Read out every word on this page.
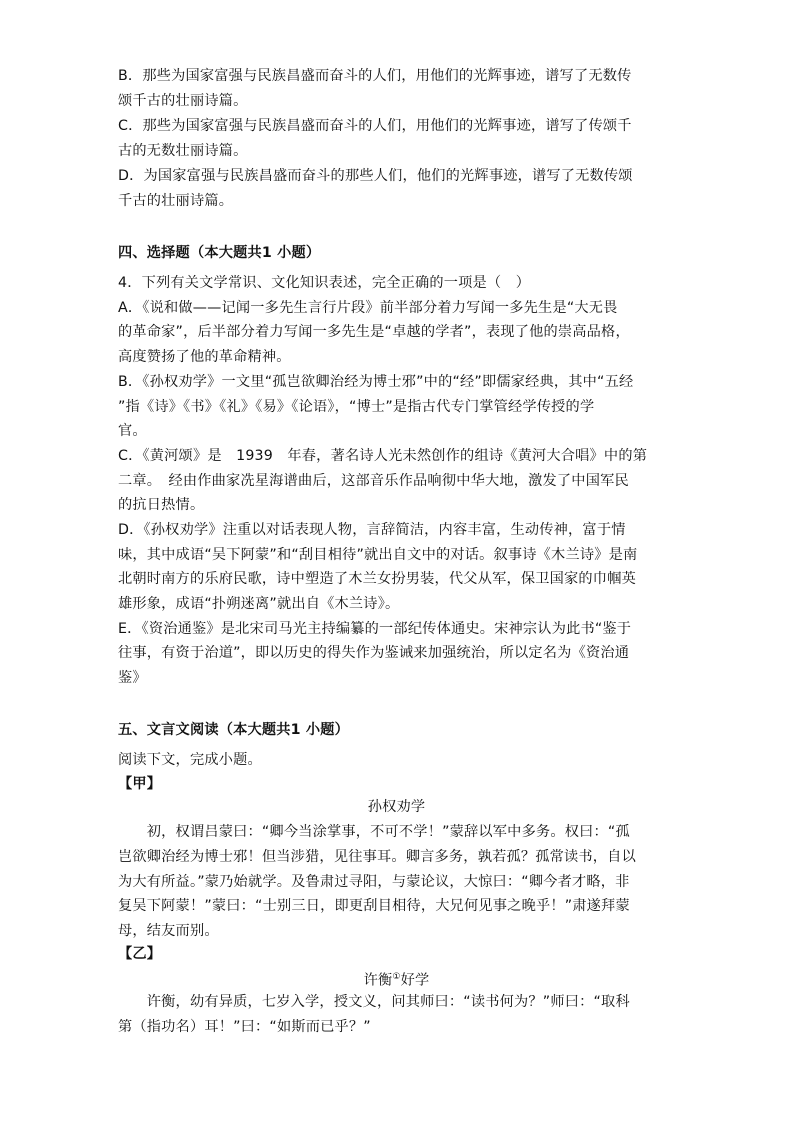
B．那些为国家富强与民族昌盛而奋斗的人们，用他们的光辉事迹，谱写了无数传
颂千古的壮丽诗篇。
C．那些为国家富强与民族昌盛而奋斗的人们，用他们的光辉事迹，谱写了传颂千
古的无数壮丽诗篇。
D．为国家富强与民族昌盛而奋斗的那些人们，他们的光辉事迹，谱写了无数传颂
千古的壮丽诗篇。
四、选择题（本大题共1 小题）
4．下列有关文学常识、文化知识表述，完全正确的一项是（　）
A．《说和做——记闻一多先生言行片段》前半部分着力写闻一多先生是“大无畏
的革命家”，后半部分着力写闻一多先生是“卓越的学者”，表现了他的崇高品格，
高度赞扬了他的革命精神。
B．《孙权劝学》一文里“孤岂欲卿治经为博士邪”中的“经”即儒家经典，其中“五经
”指《诗》《书》《礼》《易》《论语》，“博士”是指古代专门掌管经学传授的学
官。
C．《黄河颂》是　1939　年春，著名诗人光未然创作的组诗《黄河大合唱》中的第
二章。　经由作曲家冼星海谱曲后，这部音乐作品响彻中华大地，激发了中国军民
的抗日热情。
D．《孙权劝学》注重以对话表现人物，言辞简洁，内容丰富，生动传神，富于情
味，其中成语“吴下阿蒙”和“刮目相待”就出自文中的对话。叙事诗《木兰诗》是南
北朝时南方的乐府民歌，诗中塑造了木兰女扮男装，代父从军，保卫国家的巾帼英
雄形象，成语“扑朔迷离”就出自《木兰诗》。
E．《资治通鉴》是北宋司马光主持编纂的一部纪传体通史。宋神宗认为此书“鉴于
往事，有资于治道”，即以历史的得失作为鉴诫来加强统治，所以定名为《资治通
鉴》
五、文言文阅读（本大题共1 小题）
阅读下文，完成小题。
【甲】
孙权劝学
　　初，权谓吕蒙曰：“卿今当涂掌事，不可不学！”蒙辞以军中多务。权曰：“孤
岂欲卿治经为博士邪！但当涉猎，见往事耳。卿言多务，孰若孤？孤常读书，自以
为大有所益。”蒙乃始就学。及鲁肃过寻阳，与蒙论议，大惊曰：“卿今者才略，非
复吴下阿蒙！”蒙曰：“士别三日，即更刮目相待，大兄何见事之晚乎！”肃遂拜蒙
母，结友而别。
【乙】
许衡①好学
　　许衡，幼有异质，七岁入学，授文义，问其师曰：“读书何为？”师曰：“取科
第（指功名）耳！”曰：“如斯而已乎？”
